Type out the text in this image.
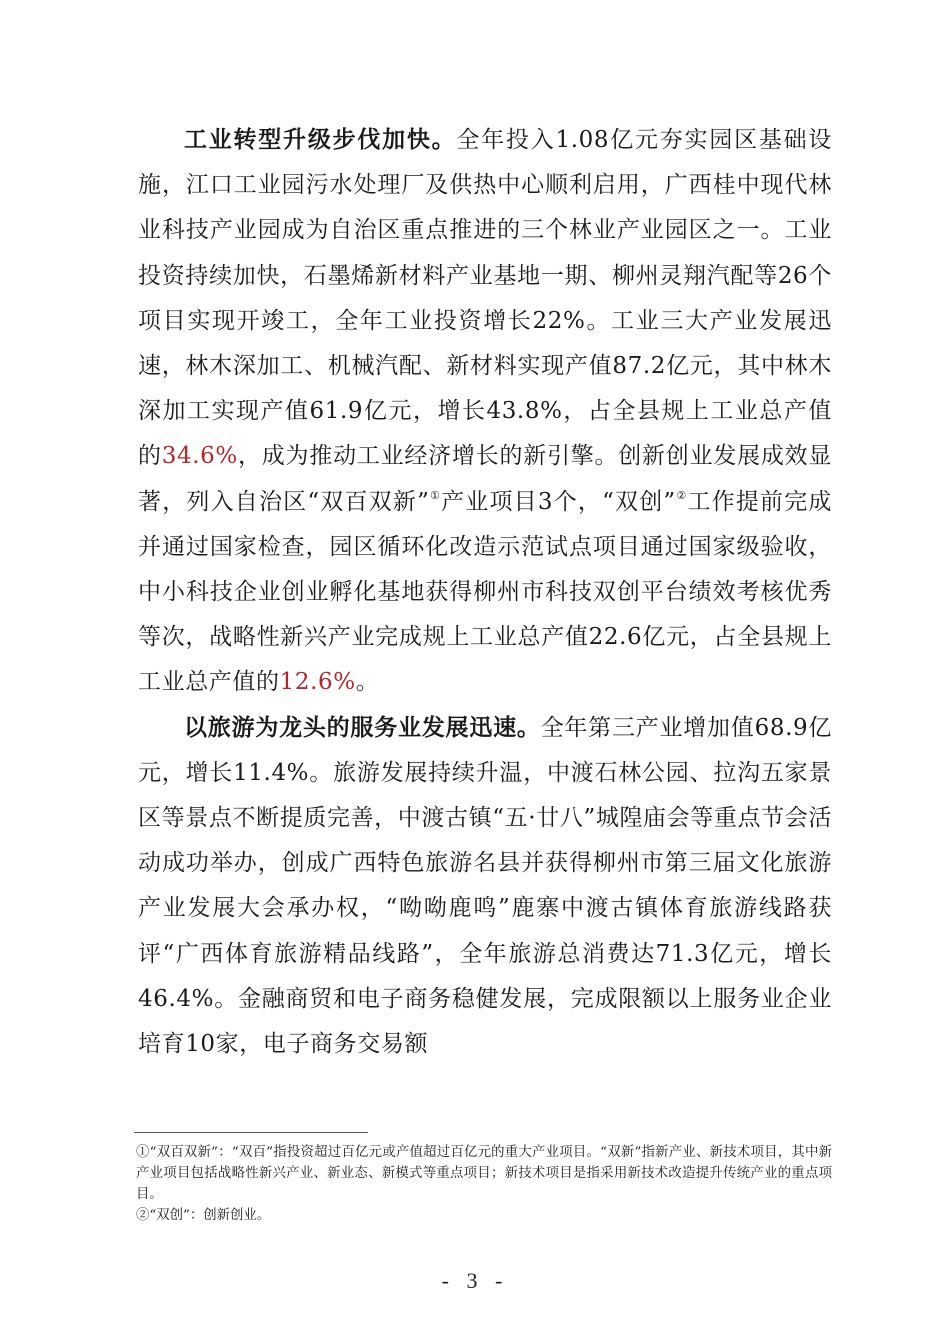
工业转型升级步伐加快。全年投入1.08亿元夯实园区基础设施，江口工业园污水处理厂及供热中心顺利启用，广西桂中现代林业科技产业园成为自治区重点推进的三个林业产业园区之一。工业投资持续加快，石墨烯新材料产业基地一期、柳州灵翔汽配等26个项目实现开竣工，全年工业投资增长22%。工业三大产业发展迅速，林木深加工、机械汽配、新材料实现产值87.2亿元，其中林木深加工实现产值61.9亿元，增长43.8%，占全县规上工业总产值的34.6%，成为推动工业经济增长的新引擎。创新创业发展成效显著，列入自治区“双百双新”①产业项目3个，“双创”②工作提前完成并通过国家检查，园区循环化改造示范试点项目通过国家级验收，中小科技企业创业孵化基地获得柳州市科技双创平台绩效考核优秀等次，战略性新兴产业完成规上工业总产值22.6亿元，占全县规上工业总产值的12.6%。

以旅游为龙头的服务业发展迅速。全年第三产业增加值68.9亿元，增长11.4%。旅游发展持续升温，中渡石林公园、拉沟五家景区等景点不断提质完善，中渡古镇“五·廿八”城隍庙会等重点节会活动成功举办，创成广西特色旅游名县并获得柳州市第三届文化旅游产业发展大会承办权，“呦呦鹿鸣”鹿寨中渡古镇体育旅游线路获评“广西体育旅游精品线路”，全年旅游总消费达71.3亿元，增长46.4%。金融商贸和电子商务稳健发展，完成限额以上服务业企业培育10家，电子商务交易额

①“双百双新”：“双百”指投资超过百亿元或产值超过百亿元的重大产业项目。“双新”指新产业、新技术项目，其中新产业项目包括战略性新兴产业、新业态、新模式等重点项目；新技术项目是指采用新技术改造提升传统产业的重点项目。

②“双创”：创新创业。

- 3 -
